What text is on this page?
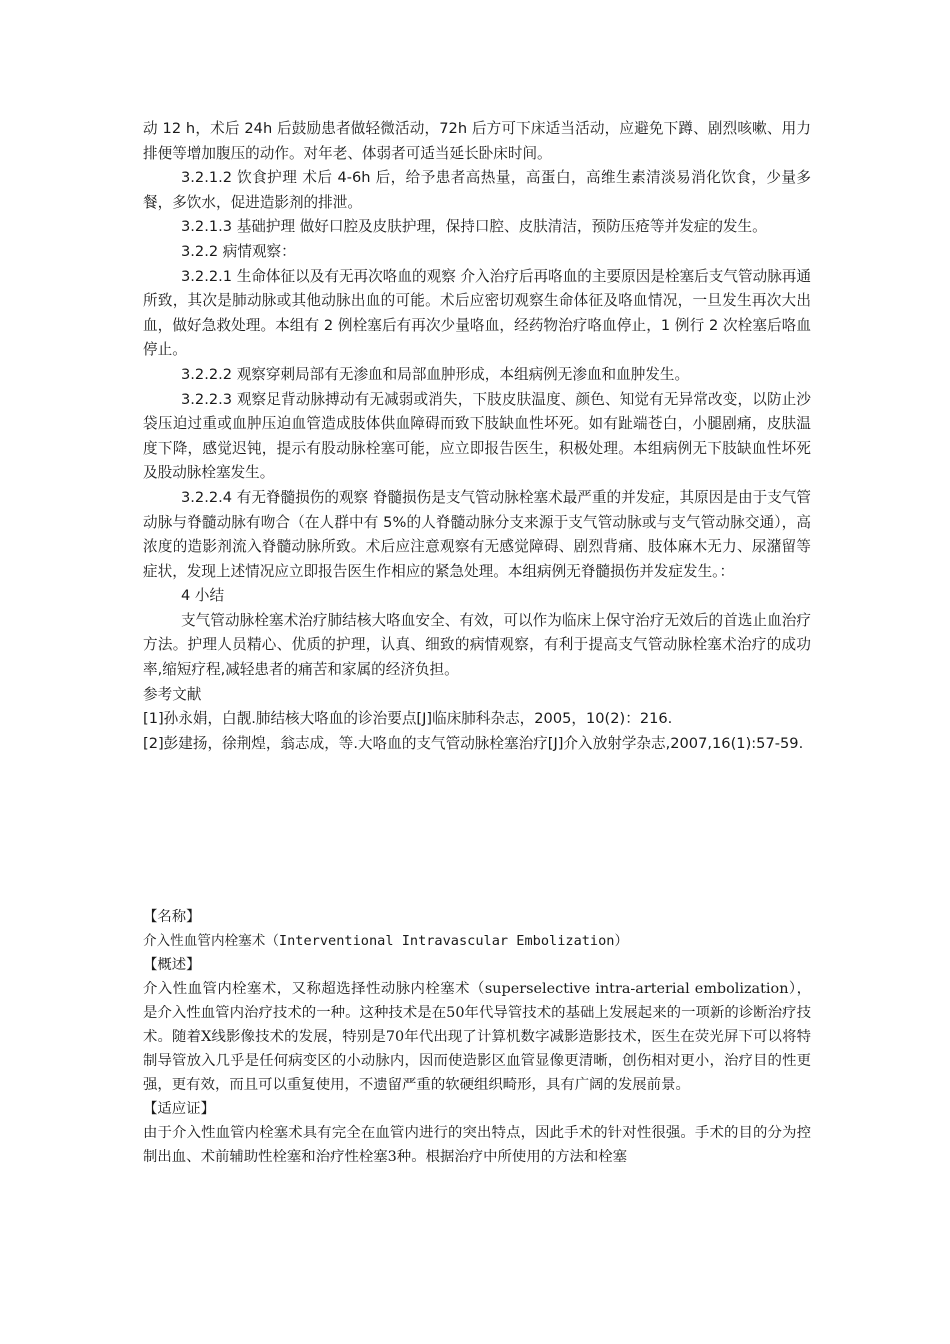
动 12 h，术后 24h 后鼓励患者做轻微活动，72h 后方可下床适当活动，应避免下蹲、剧烈咳嗽、用力排便等增加腹压的动作。对年老、体弱者可适当延长卧床时间。

3.2.1.2 饮食护理 术后 4-6h 后，给予患者高热量，高蛋白，高维生素清淡易消化饮食，少量多餐，多饮水，促进造影剂的排泄。

3.2.1.3 基础护理 做好口腔及皮肤护理，保持口腔、皮肤清洁，预防压疮等并发症的发生。

3.2.2 病情观察：

3.2.2.1 生命体征以及有无再次咯血的观察 介入治疗后再咯血的主要原因是栓塞后支气管动脉再通所致，其次是肺动脉或其他动脉出血的可能。术后应密切观察生命体征及咯血情况，一旦发生再次大出血，做好急救处理。本组有 2 例栓塞后有再次少量咯血，经药物治疗咯血停止，1 例行 2 次栓塞后咯血停止。

3.2.2.2 观察穿刺局部有无渗血和局部血肿形成，本组病例无渗血和血肿发生。

3.2.2.3 观察足背动脉搏动有无减弱或消失，下肢皮肤温度、颜色、知觉有无异常改变，以防止沙袋压迫过重或血肿压迫血管造成肢体供血障碍而致下肢缺血性坏死。如有趾端苍白，小腿剧痛，皮肤温度下降，感觉迟钝，提示有股动脉栓塞可能，应立即报告医生，积极处理。本组病例无下肢缺血性坏死及股动脉栓塞发生。

3.2.2.4 有无脊髓损伤的观察 脊髓损伤是支气管动脉栓塞术最严重的并发症，其原因是由于支气管动脉与脊髓动脉有吻合（在人群中有 5%的人脊髓动脉分支来源于支气管动脉或与支气管动脉交通），高浓度的造影剂流入脊髓动脉所致。术后应注意观察有无感觉障碍、剧烈背痛、肢体麻木无力、尿潴留等症状，发现上述情况应立即报告医生作相应的紧急处理。本组病例无脊髓损伤并发症发生。：

4 小结

支气管动脉栓塞术治疗肺结核大咯血安全、有效，可以作为临床上保守治疗无效后的首选止血治疗方法。护理人员精心、优质的护理，认真、细致的病情观察，有利于提高支气管动脉栓塞术治疗的成功率,缩短疗程,减轻患者的痛苦和家属的经济负担。

参考文献

[1]孙永娟，白靓.肺结核大咯血的诊治要点[J]临床肺科杂志，2005，10(2)：216.

[2]彭建扬，徐荆煌，翁志成，等.大咯血的支气管动脉栓塞治疗[J]介入放射学杂志,2007,16(1):57-59.

【名称】

介入性血管内栓塞术（Interventional Intravascular Embolization）

【概述】

介入性血管内栓塞术，又称超选择性动脉内栓塞术（superselective intra-arterial embolization），是介入性血管内治疗技术的一种。这种技术是在50年代导管技术的基础上发展起来的一项新的诊断治疗技术。随着X线影像技术的发展，特别是70年代出现了计算机数字减影造影技术，医生在荧光屏下可以将特制导管放入几乎是任何病变区的小动脉内，因而使造影区血管显像更清晰，创伤相对更小，治疗目的性更强，更有效，而且可以重复使用，不遗留严重的软硬组织畸形，具有广阔的发展前景。

【适应证】

由于介入性血管内栓塞术具有完全在血管内进行的突出特点，因此手术的针对性很强。手术的目的分为控制出血、术前辅助性栓塞和治疗性栓塞3种。根据治疗中所使用的方法和栓塞
